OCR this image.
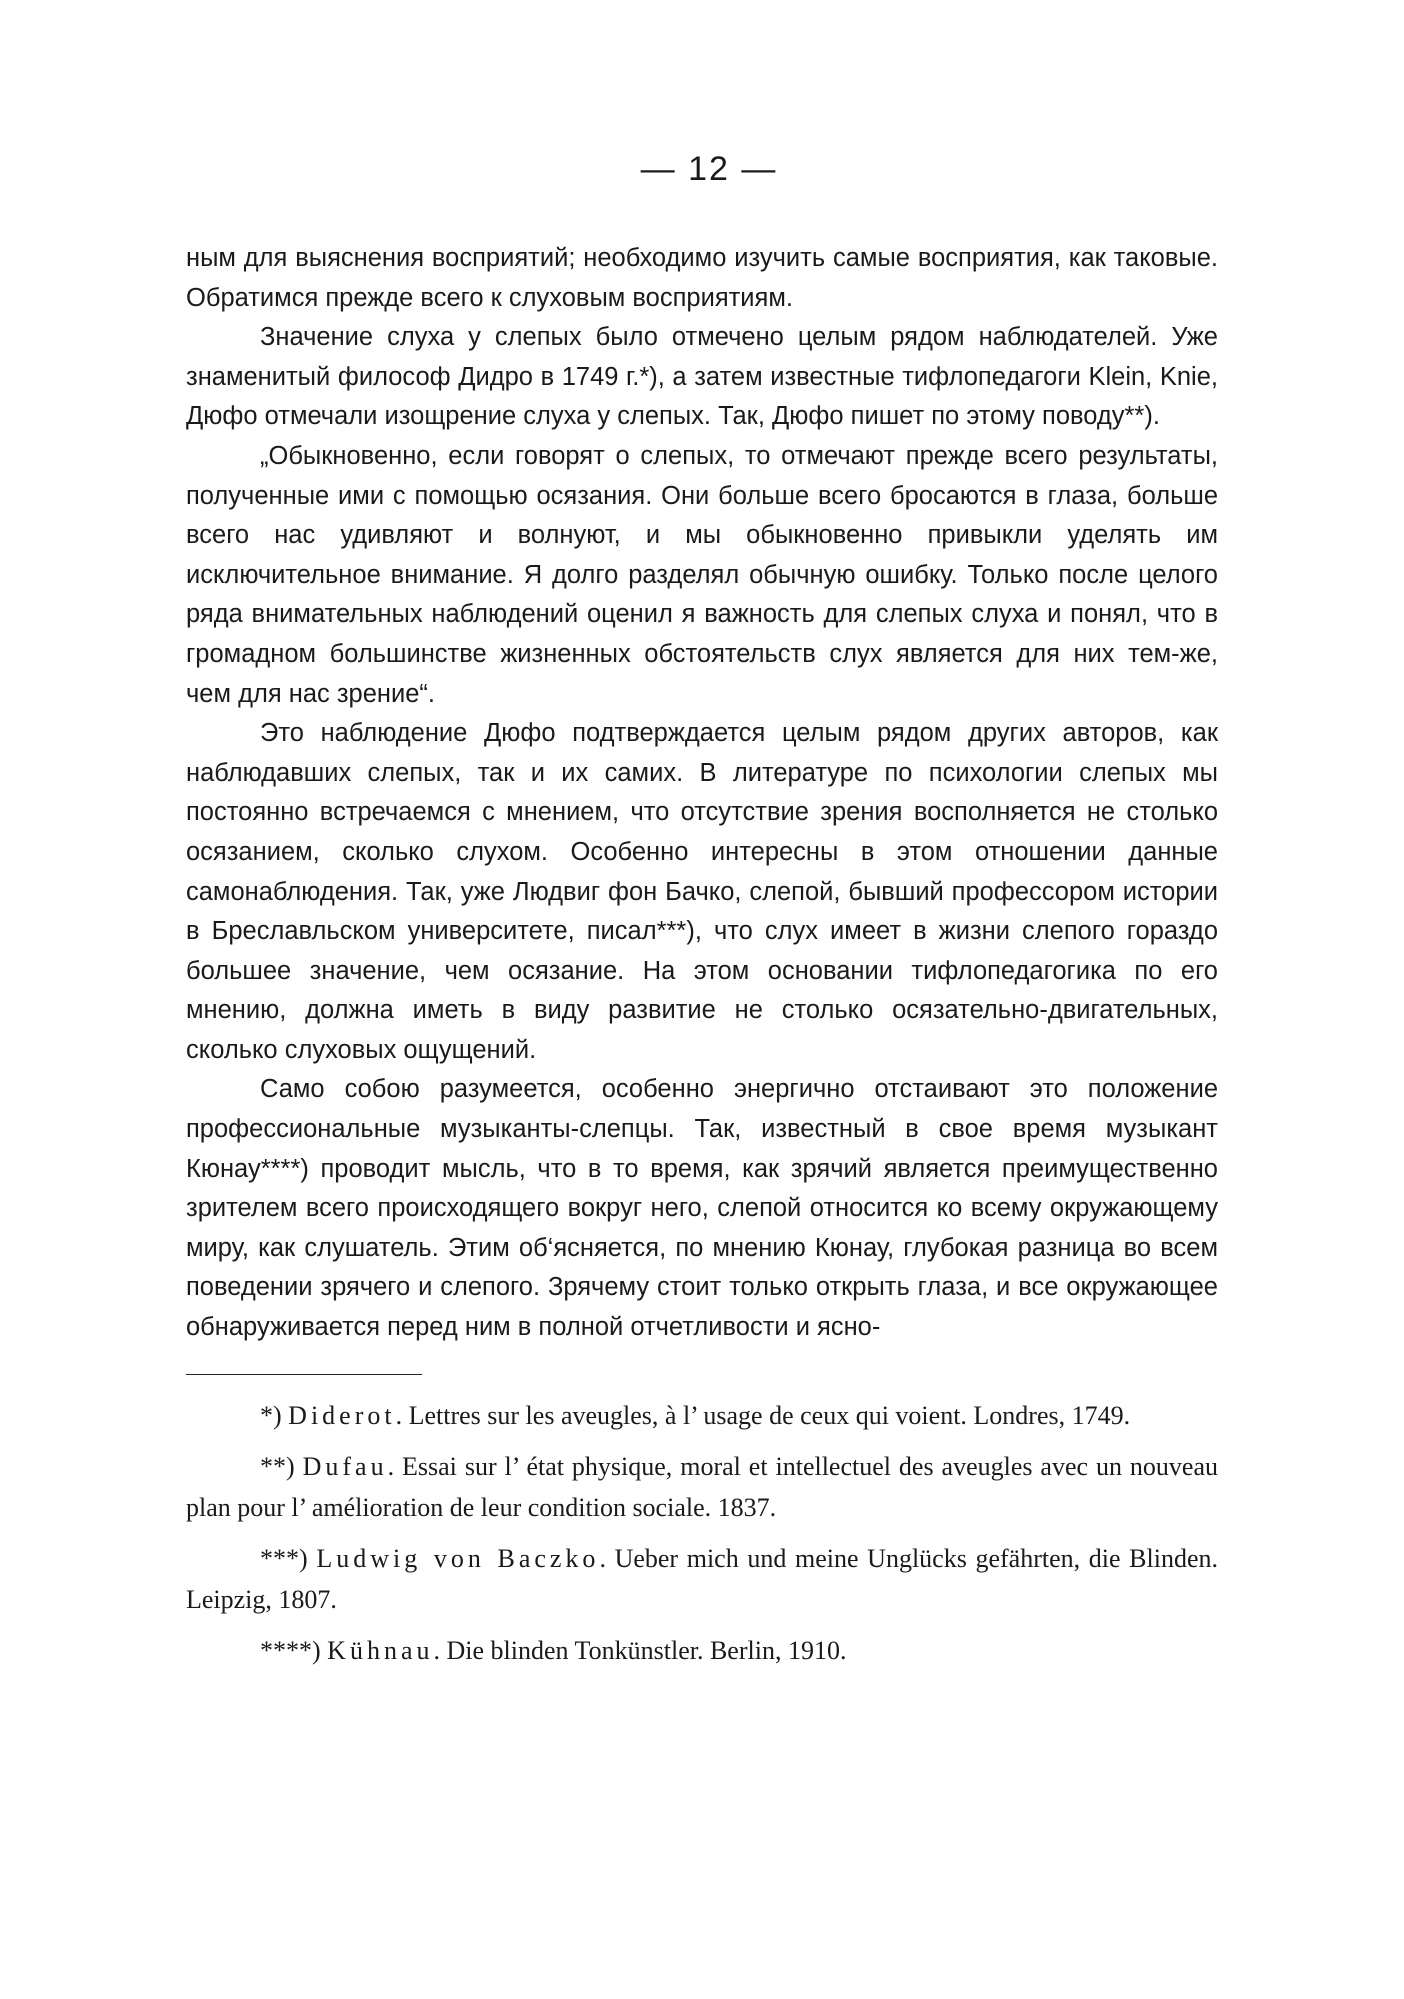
— 12 —

ным для выяснения восприятий; необходимо изучить самые восприятия, как таковые. Обратимся прежде всего к слуховым восприятиям.

Значение слуха у слепых было отмечено целым рядом наблюдателей. Уже знаменитый философ Дидро в 1749 г.*), а затем известные тифлопедагоги Klein, Knie, Дюфо отмечали изощрение слуха у слепых. Так, Дюфо пишет по этому поводу**).

„Обыкновенно, если говорят о слепых, то отмечают прежде всего результаты, полученные ими с помощью осязания. Они больше всего бросаются в глаза, больше всего нас удивляют и волнуют, и мы обыкновенно привыкли уделять им исключительное внимание. Я долго разделял обычную ошибку. Только после целого ряда внимательных наблюдений оценил я важность для слепых слуха и понял, что в громадном большинстве жизненных обстоятельств слух является для них тем-же, чем для нас зрение“.

Это наблюдение Дюфо подтверждается целым рядом других авторов, как наблюдавших слепых, так и их самих. В литературе по психологии слепых мы постоянно встречаемся с мнением, что отсутствие зрения восполняется не столько осязанием, сколько слухом. Особенно интересны в этом отношении данные самонаблюдения. Так, уже Людвиг фон Бачко, слепой, бывший профессором истории в Бреславльском университете, писал***), что слух имеет в жизни слепого гораздо большее значение, чем осязание. На этом основании тифлопедагогика по его мнению, должна иметь в виду развитие не столько осязательно-двигательных, сколько слуховых ощущений.

Само собою разумеется, особенно энергично отстаивают это положение профессиональные музыканты-слепцы. Так, известный в свое время музыкант Кюнау****) проводит мысль, что в то время, как зрячий является преимущественно зрителем всего происходящего вокруг него, слепой относится ко всему окружающему миру, как слушатель. Этим об‘ясняется, по мнению Кюнау, глубокая разница во всем поведении зрячего и слепого. Зрячему стоит только открыть глаза, и все окружающее обнаруживается перед ним в полной отчетливости и ясно-

*) Diderot. Lettres sur les aveugles, à l’ usage de ceux qui voient. Londres, 1749.

**) Dufau. Essai sur l’ état physique, moral et intellectuel des aveugles avec un nouveau plan pour l’ amélioration de leur condition sociale. 1837.

***) Ludwig von Baczko. Ueber mich und meine Unglücks gefährten, die Blinden. Leipzig, 1807.

****) Kühnau. Die blinden Tonkünstler. Berlin, 1910.
